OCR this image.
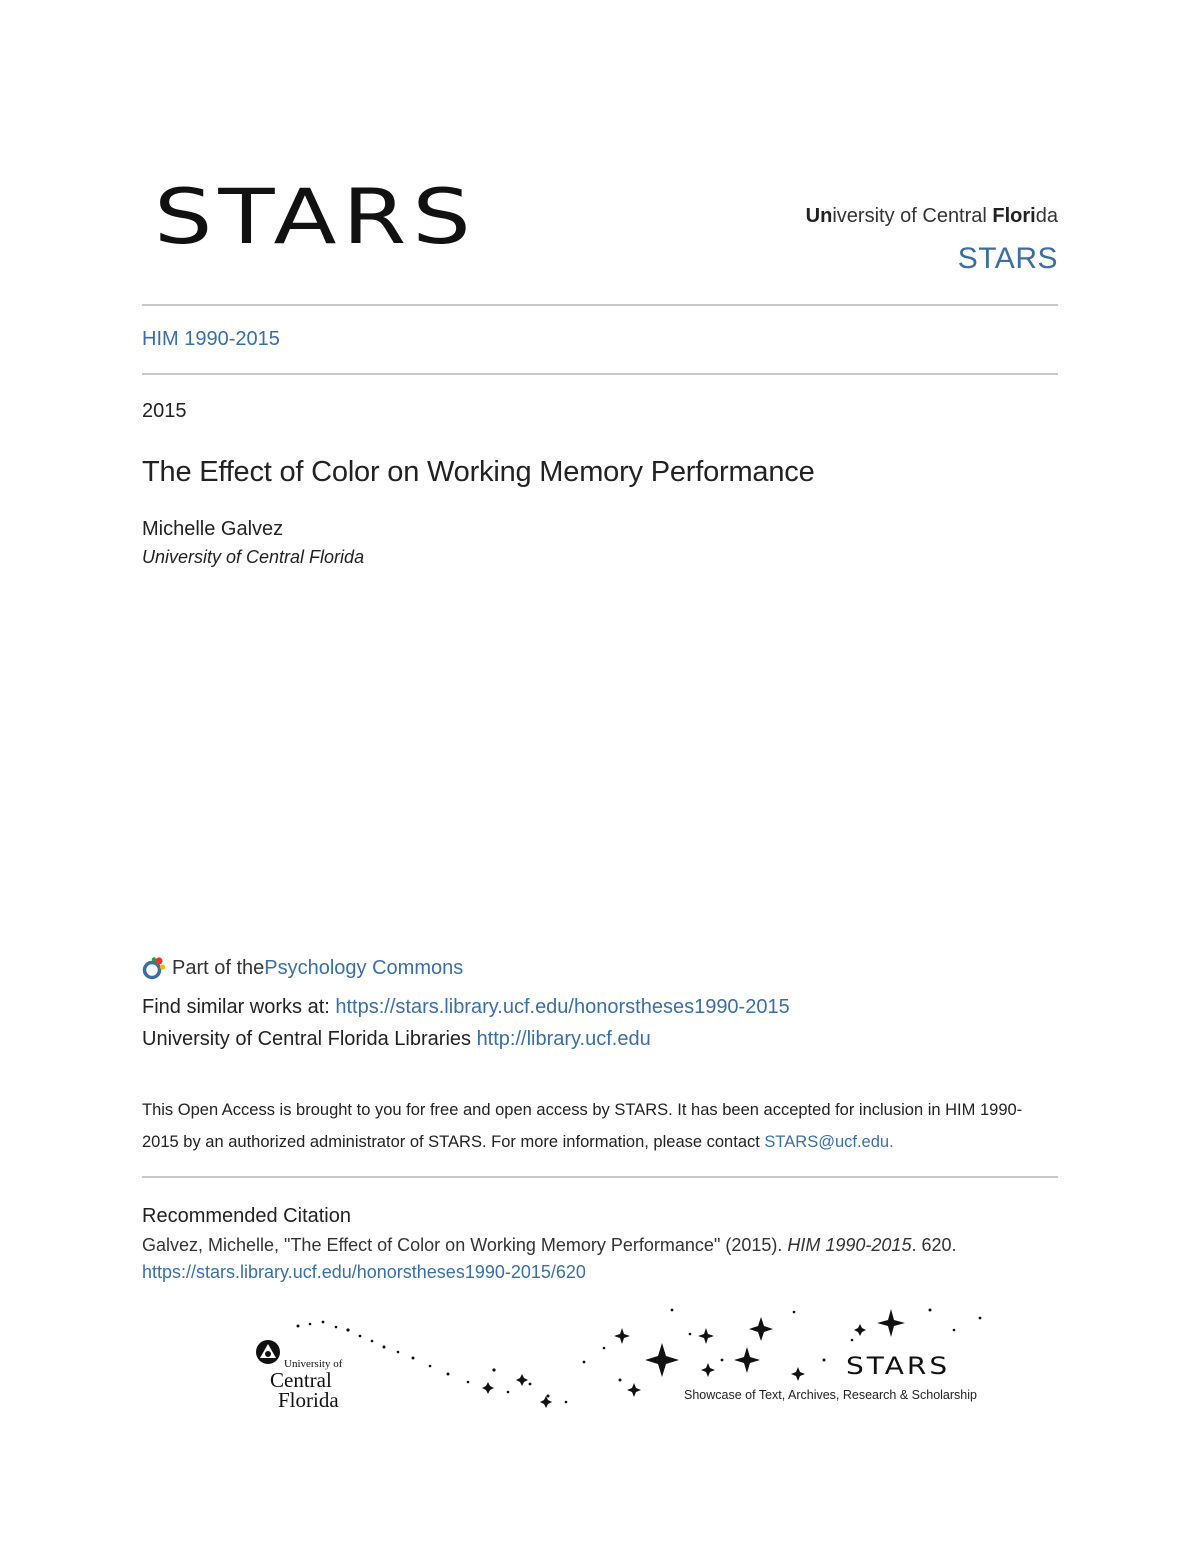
STARS	University of Central Florida
STARS
HIM 1990-2015
2015
The Effect of Color on Working Memory Performance
Michelle Galvez
University of Central Florida
Part of the Psychology Commons
Find similar works at: https://stars.library.ucf.edu/honorstheses1990-2015
University of Central Florida Libraries http://library.ucf.edu
This Open Access is brought to you for free and open access by STARS. It has been accepted for inclusion in HIM 1990-2015 by an authorized administrator of STARS. For more information, please contact STARS@ucf.edu.
Recommended Citation
Galvez, Michelle, "The Effect of Color on Working Memory Performance" (2015). HIM 1990-2015. 620.
https://stars.library.ucf.edu/honorstheses1990-2015/620
University of
Central
Florida
STARS
Showcase of Text, Archives, Research & Scholarship
